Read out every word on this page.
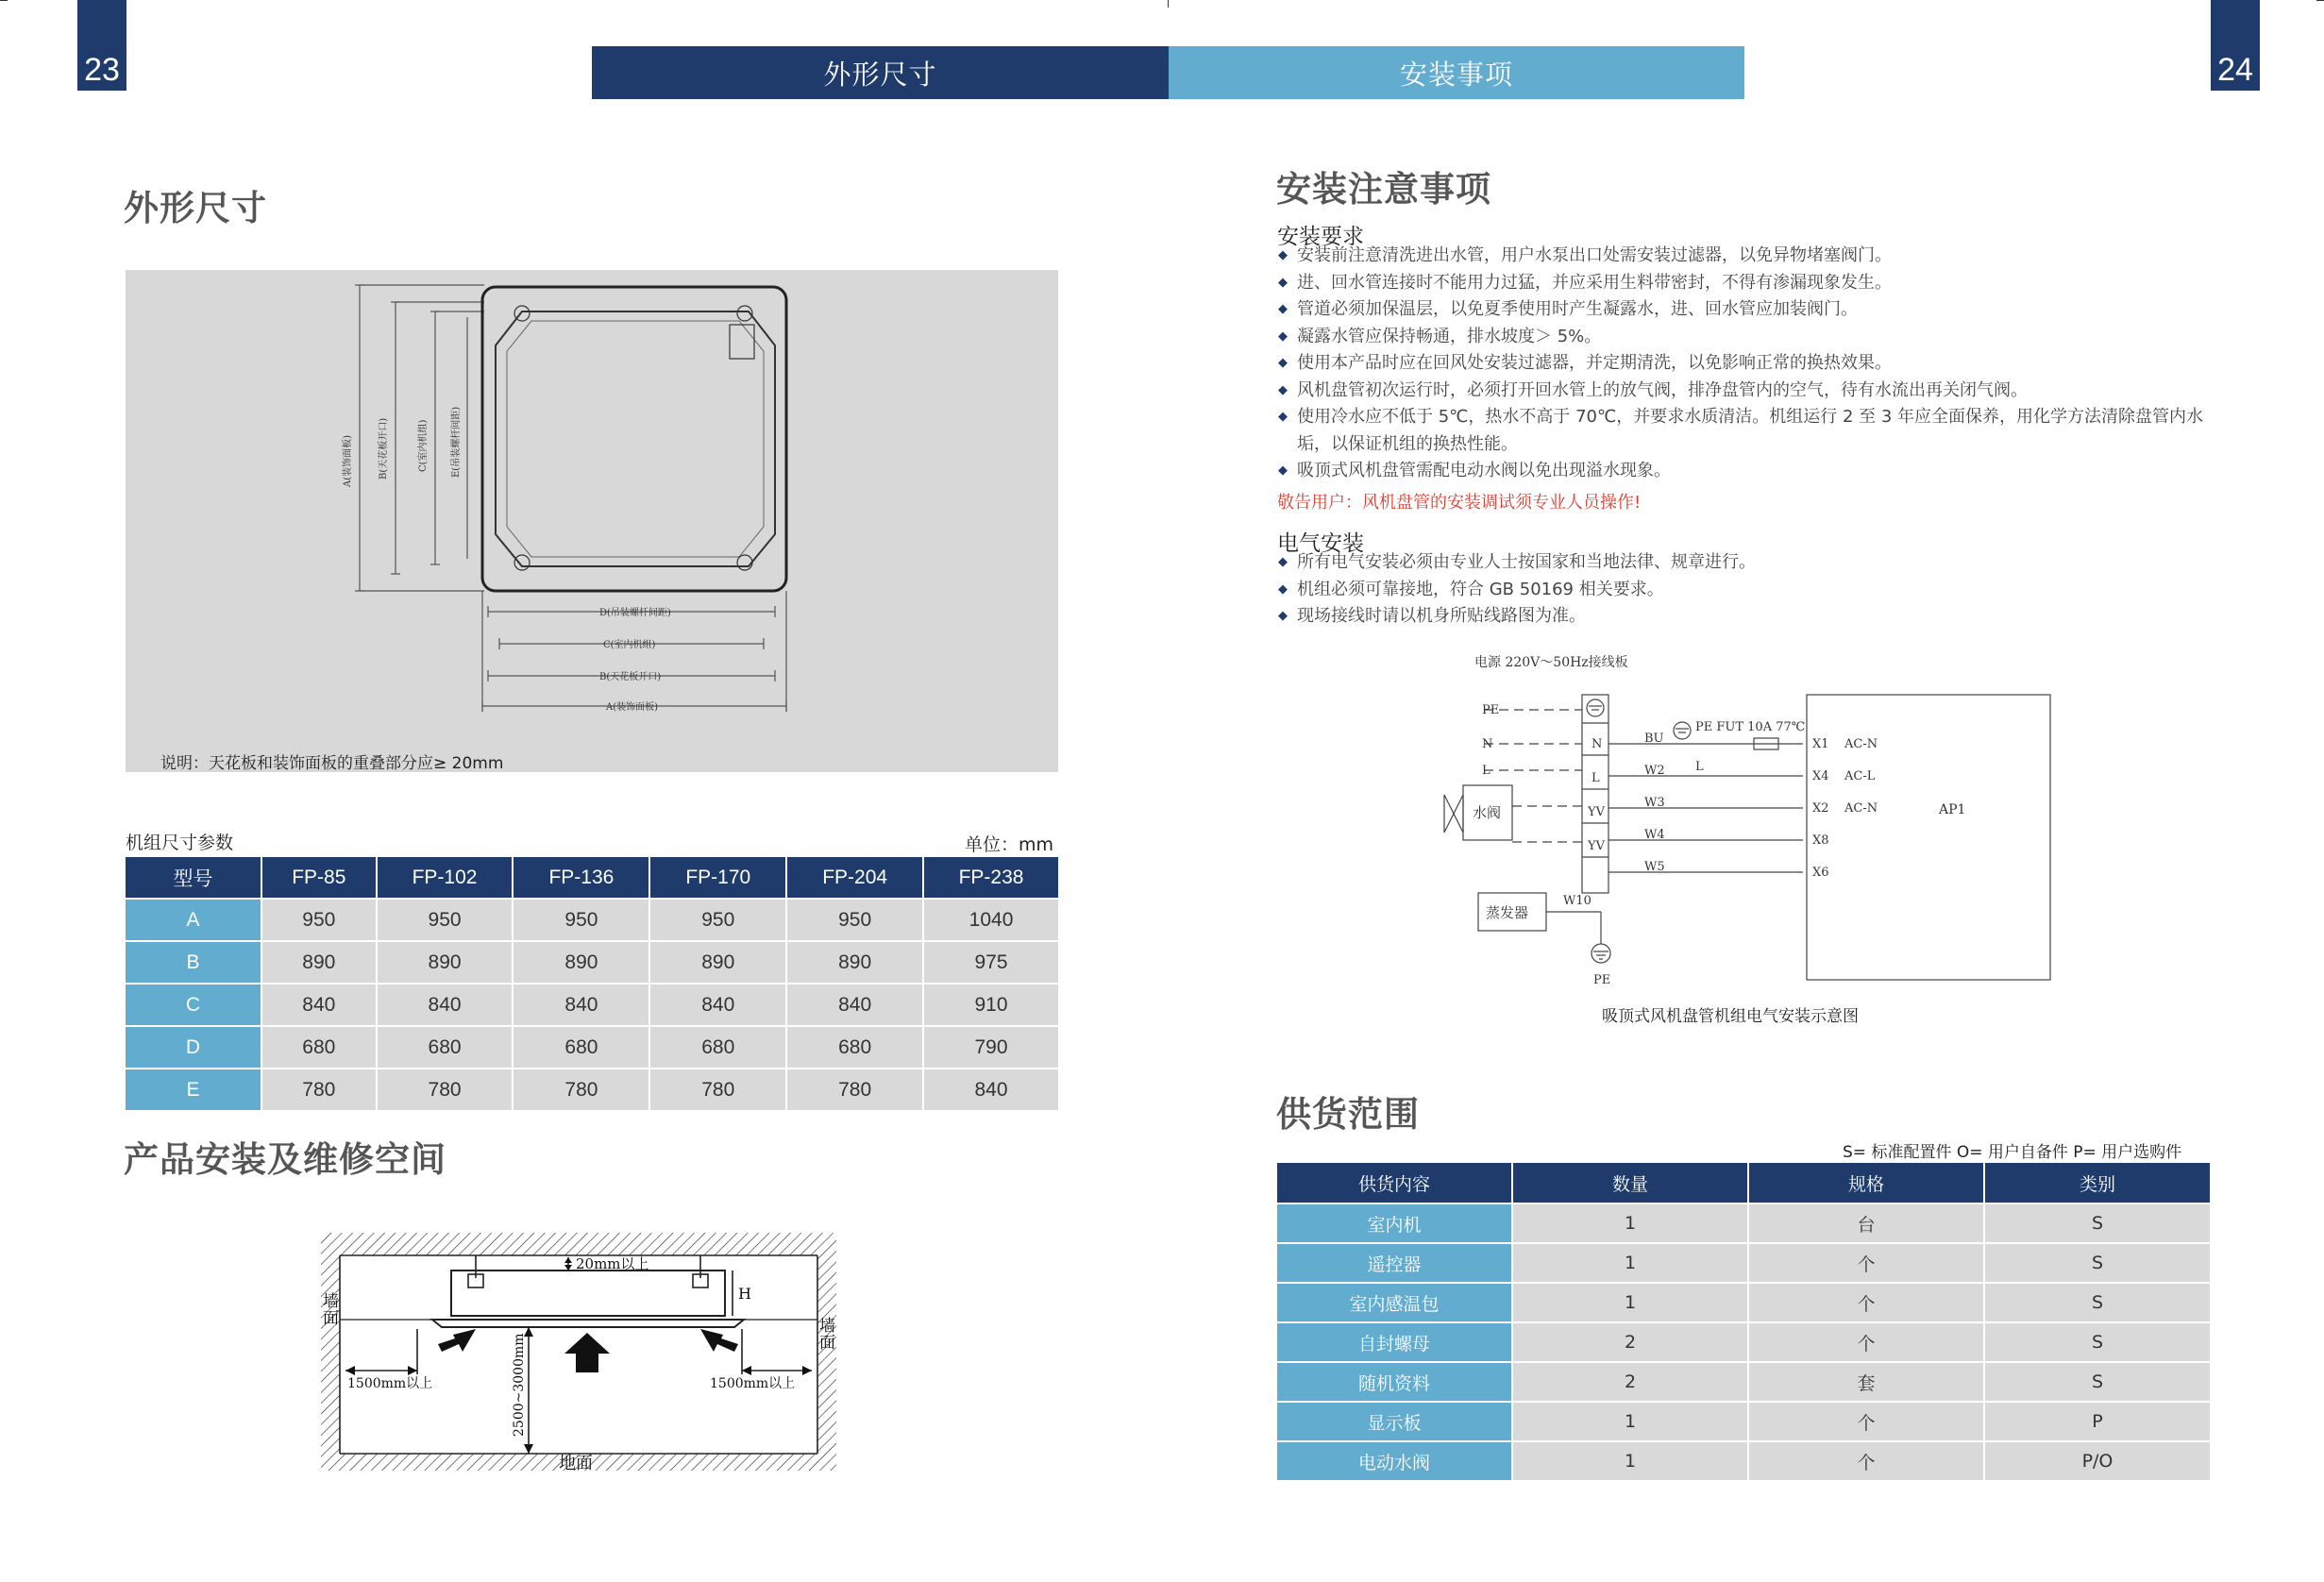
23	24
外形尺寸	安装事项
外形尺寸
A(装饰面板)	B(天花板开口)	C(室内机组) E(吊装螺杆间距)
D(吊装螺杆间距)
C(室内机组)
B(天花板开口)
A(装饰面板)
说明：天花板和装饰面板的重叠部分应≥ 20mm
机组尺寸参数	单位：mm
型号	FP-85	FP-102	FP-136	FP-170	FP-204	FP-238
A	950	950	950	950	950	1040
B	890	890	890	890	890	975
C	840	840	840	840	840	910
D	680	680	680	680	680	790
E	780	780	780	780	780	840
产品安装及维修空间
20mm以上
H
1500mm以上	1500mm以上
2500~3000mm
地面
墙
面	墙
面
安装注意事项
安装要求
◆ 安装前注意清洗进出水管，用户水泵出口处需安装过滤器，以免异物堵塞阀门。
◆ 进、回水管连接时不能用力过猛，并应采用生料带密封，不得有渗漏现象发生。
◆ 管道必须加保温层，以免夏季使用时产生凝露水，进、回水管应加装阀门。
◆ 凝露水管应保持畅通，排水坡度＞ 5%。
◆ 使用本产品时应在回风处安装过滤器，并定期清洗，以免影响正常的换热效果。
◆ 风机盘管初次运行时，必须打开回水管上的放气阀，排净盘管内的空气，待有水流出再关闭气阀。
◆ 使用冷水应不低于 5℃，热水不高于 70℃，并要求水质清洁。机组运行 2 至 3 年应全面保养，用化学方法清除盘管内水垢，以保证机组的换热性能。
◆ 吸顶式风机盘管需配电动水阀以免出现溢水现象。
敬告用户：风机盘管的安装调试须专业人员操作!
电气安装
◆ 所有电气安装必须由专业人士按国家和当地法律、规章进行。
◆ 机组必须可靠接地，符合 GB 50169 相关要求。
◆ 现场接线时请以机身所贴线路图为准。
电源 220V～50Hz接线板
PE
N
L
N
L
YV
YV
水阀
蒸发器
BU
W2
W3
W4
W5
W10
PE FUT 10A 77℃
L
X1
X4
X2
X8
X6
AC-N
AC-L
AC-N	AP1
PE
吸顶式风机盘管机组电气安装示意图
供货范围
S= 标准配置件 O= 用户自备件 P= 用户选购件
供货内容	数量	规格	类别
室内机	1	台	S
遥控器	1	个	S
室内感温包	1	个	S
自封螺母	2	个	S
随机资料	2	套	S
显示板	1	个	P
电动水阀	1	个	P/O
